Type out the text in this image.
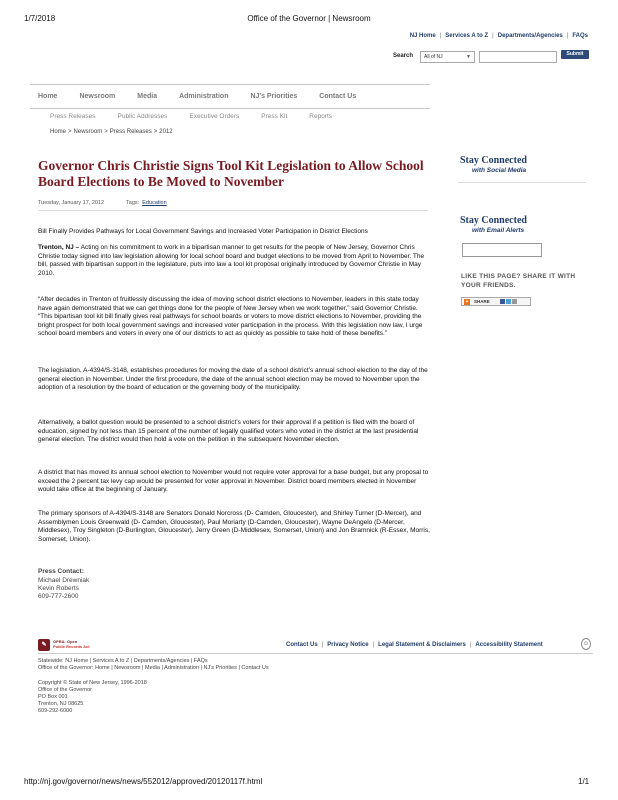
1/7/2018	Office of the Governor | Newsroom
NJ Home | Services A to Z | Departments/Agencies | FAQs
Search	All of NJ	▼	Submit
Home	Newsroom	Media	Administration	NJ's Priorities	Contact Us
Press Releases	Public Addresses	Executive Orders	Press Kit	Reports
Home > Newsroom > Press Releases > 2012
Governor Chris Christie Signs Tool Kit Legislation to Allow School Board Elections to Be Moved to November
Tuesday, January 17, 2012	Tags: Education

Bill Finally Provides Pathways for Local Government Savings and Increased Voter Participation in District Elections

Trenton, NJ – Acting on his commitment to work in a bipartisan manner to get results for the people of New Jersey, Governor Chris Christie today signed into law legislation allowing for local school board and budget elections to be moved from April to November. The bill, passed with bipartisan support in the legislature, puts into law a tool kit proposal originally introduced by Governor Christie in May 2010.

“After decades in Trenton of fruitlessly discussing the idea of moving school district elections to November, leaders in this state today have again demonstrated that we can get things done for the people of New Jersey when we work together,” said Governor Christie. “This bipartisan tool kit bill finally gives real pathways for school boards or voters to move district elections to November, providing the bright prospect for both local government savings and increased voter participation in the process. With this legislation now law, I urge school board members and voters in every one of our districts to act as quickly as possible to take hold of these benefits.”

The legislation, A-4394/S-3148, establishes procedures for moving the date of a school district’s annual school election to the day of the general election in November. Under the first procedure, the date of the annual school election may be moved to November upon the adoption of a resolution by the board of education or the governing body of the municipality.

Alternatively, a ballot question would be presented to a school district’s voters for their approval if a petition is filed with the board of education, signed by not less than 15 percent of the number of legally qualified voters who voted in the district at the last presidential general election. The district would then hold a vote on the petition in the subsequent November election.

A district that has moved its annual school election to November would not require voter approval for a base budget, but any proposal to exceed the 2 percent tax levy cap would be presented for voter approval in November. District board members elected in November would take office at the beginning of January.

The primary sponsors of A-4394/S-3148 are Senators Donald Norcross (D- Camden, Gloucester), and Shirley Turner (D-Mercer), and Assemblymen Louis Greenwald (D- Camden, Gloucester), Paul Moriarty (D-Camden, Gloucester), Wayne DeAngelo (D-Mercer, Middlesex), Troy Singleton (D-Burlington, Gloucester), Jerry Green (D-Middlesex, Somerset, Union) and Jon Bramnick (R-Essex, Morris, Somerset, Union).

Press Contact:
Michael Drewniak
Kevin Roberts
609-777-2600
Stay Connected
with Social Media
Stay Connected
with Email Alerts
LIKE THIS PAGE? SHARE IT WITH YOUR FRIENDS.
+	SHARE
✎
OPRA: Open
Public Records Act	Contact Us | Privacy Notice | Legal Statement & Disclaimers | Accessibility Statement	☺
Statewide: NJ Home | Services A to Z | Departments/Agencies | FAQs
Office of the Governor: Home | Newsroom | Media | Administration | NJ's Priorities | Contact Us
Copyright © State of New Jersey, 1996-2018
Office of the Governor
PO Box 001
Trenton, NJ 08625
609-292-6000
http://nj.gov/governor/news/news/552012/approved/20120117f.html	1/1
